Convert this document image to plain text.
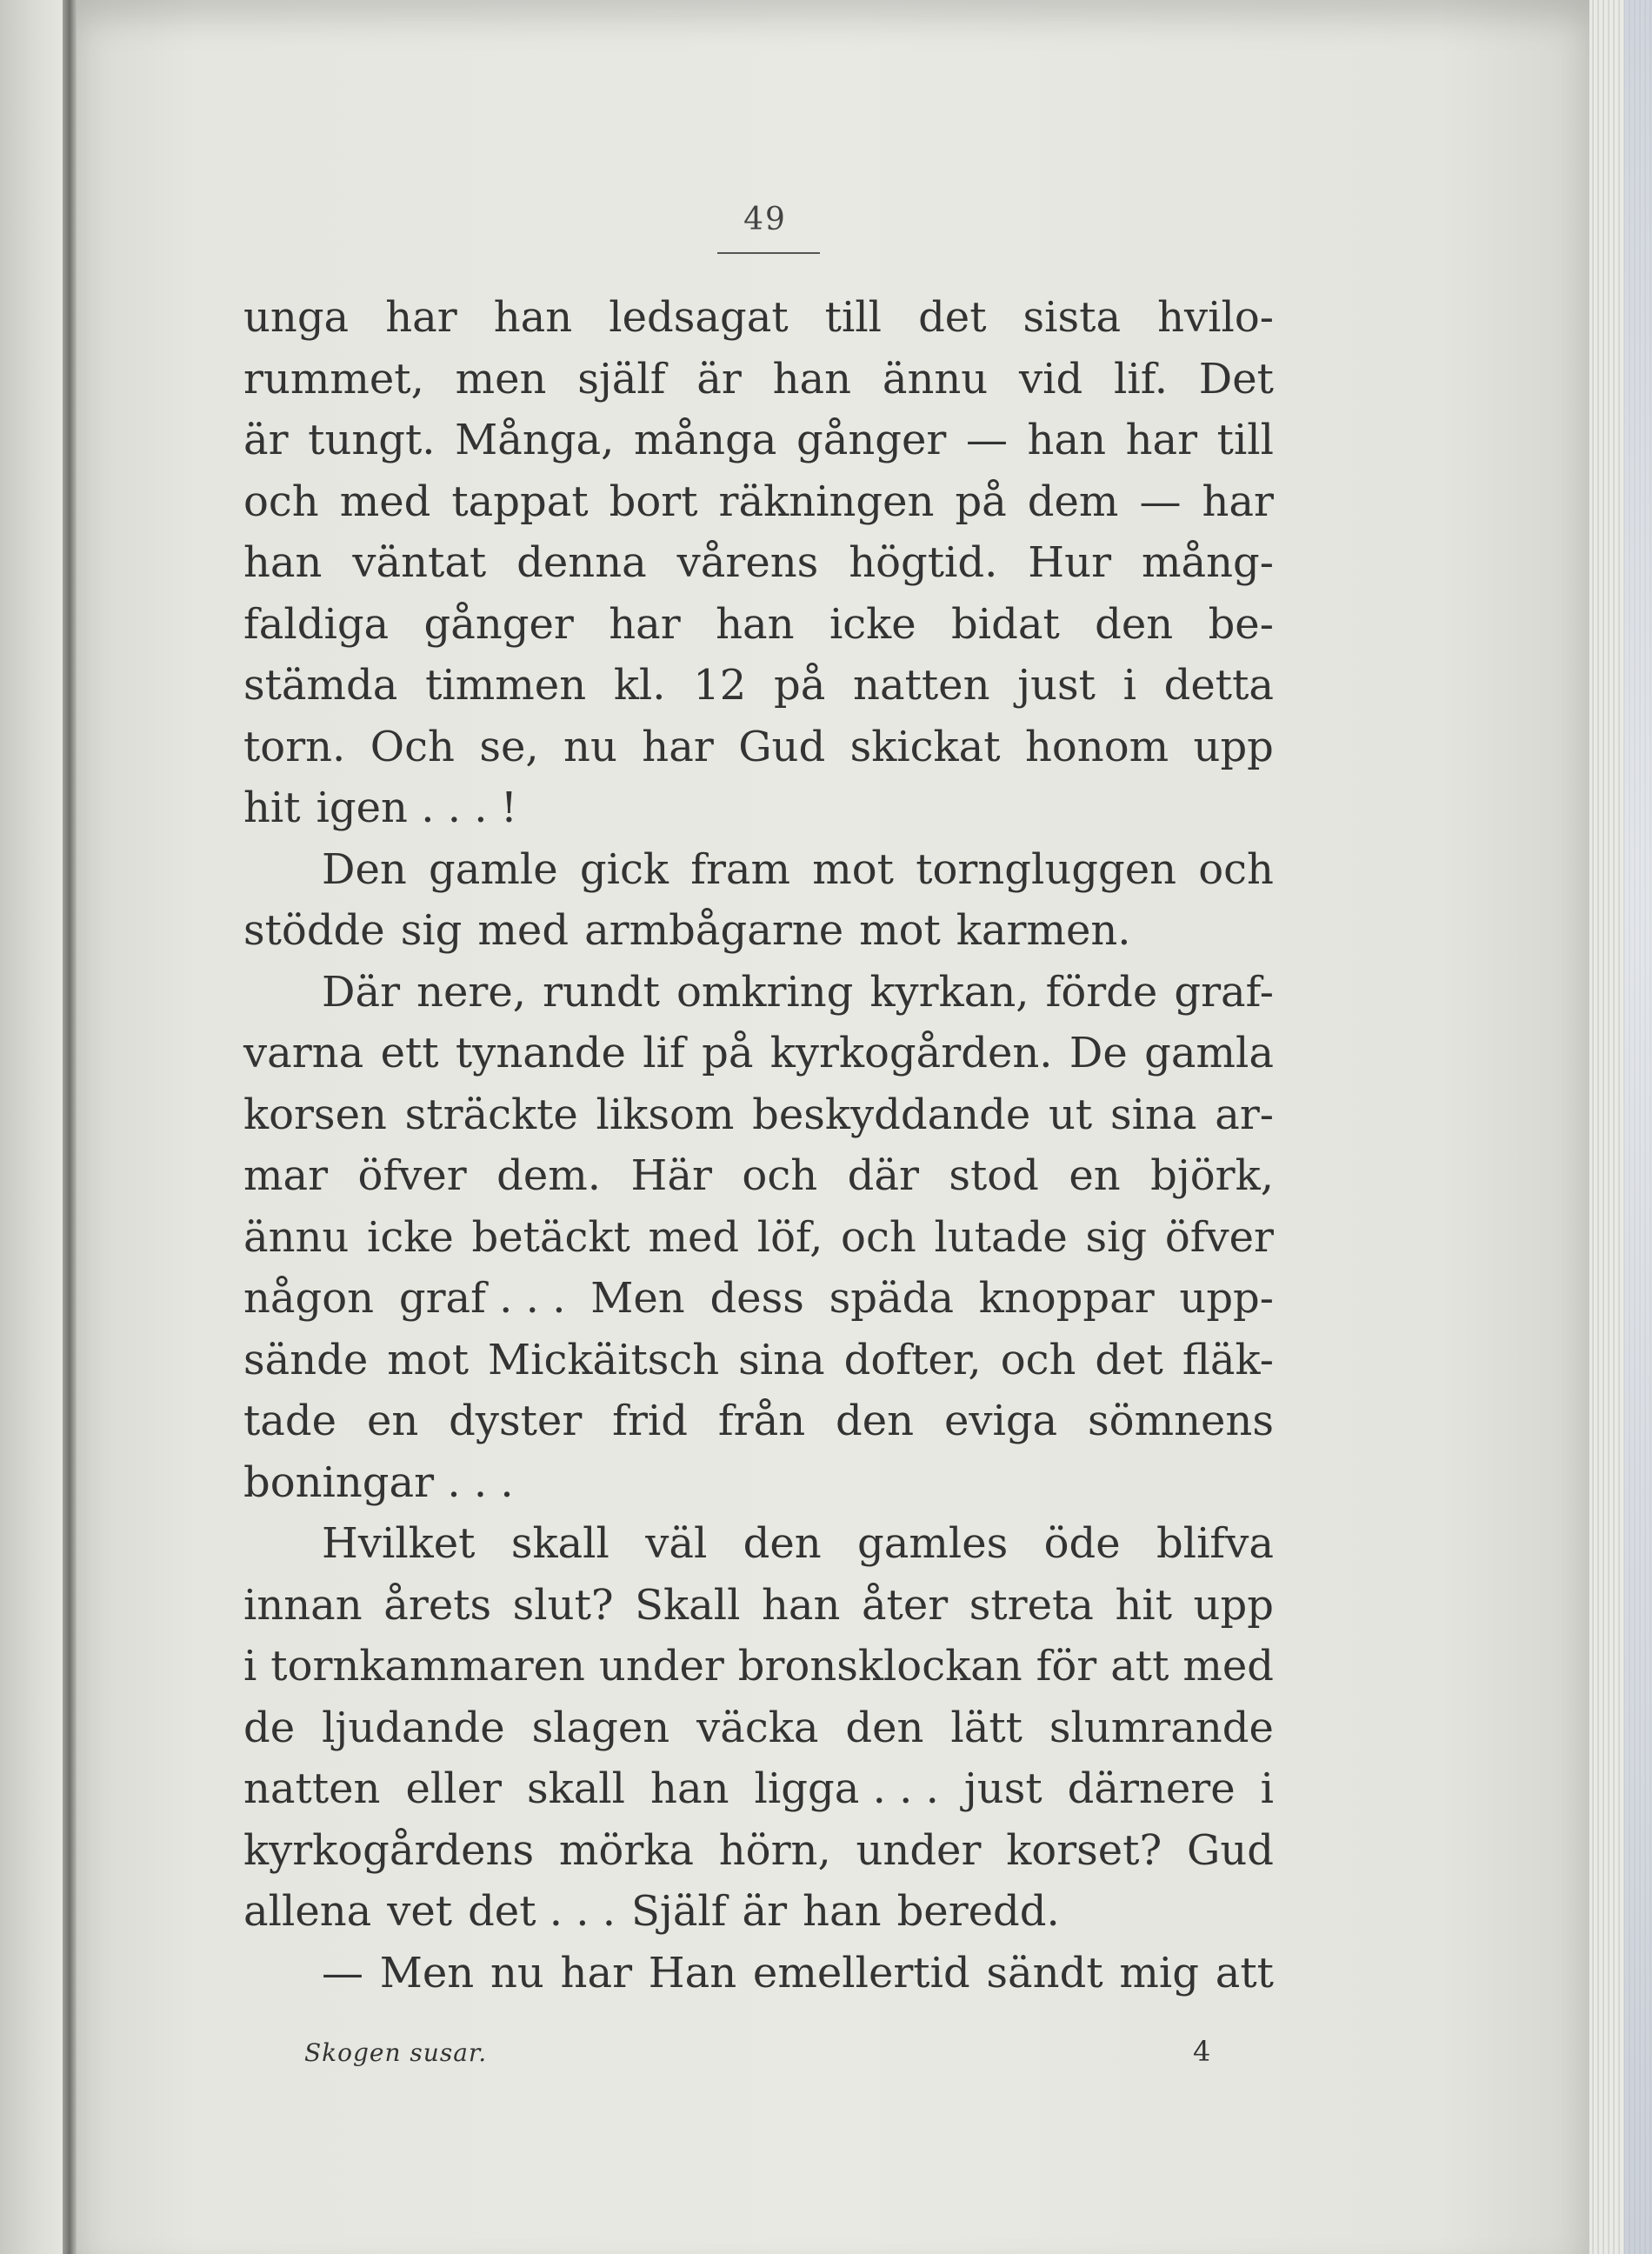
49
unga har han ledsagat till det sista hvilo-
rummet, men själf är han ännu vid lif. Det
är tungt. Många, många gånger — han har till
och med tappat bort räkningen på dem — har
han väntat denna vårens högtid. Hur mång-
faldiga gånger har han icke bidat den be-
stämda timmen kl. 12 på natten just i detta
torn. Och se, nu har Gud skickat honom upp
hit igen . . . !
Den gamle gick fram mot torngluggen och
stödde sig med armbågarne mot karmen.
Där nere, rundt omkring kyrkan, förde graf-
varna ett tynande lif på kyrkogården. De gamla
korsen sträckte liksom beskyddande ut sina ar-
mar öfver dem. Här och där stod en björk,
ännu icke betäckt med löf, och lutade sig öfver
någon graf . . . Men dess späda knoppar upp-
sände mot Mickäitsch sina dofter, och det fläk-
tade en dyster frid från den eviga sömnens
boningar . . .
Hvilket skall väl den gamles öde blifva
innan årets slut? Skall han åter streta hit upp
i tornkammaren under bronsklockan för att med
de ljudande slagen väcka den lätt slumrande
natten eller skall han ligga . . . just därnere i
kyrkogårdens mörka hörn, under korset? Gud
allena vet det . . . Själf är han beredd.
— Men nu har Han emellertid sändt mig att
Skogen susar.	4
